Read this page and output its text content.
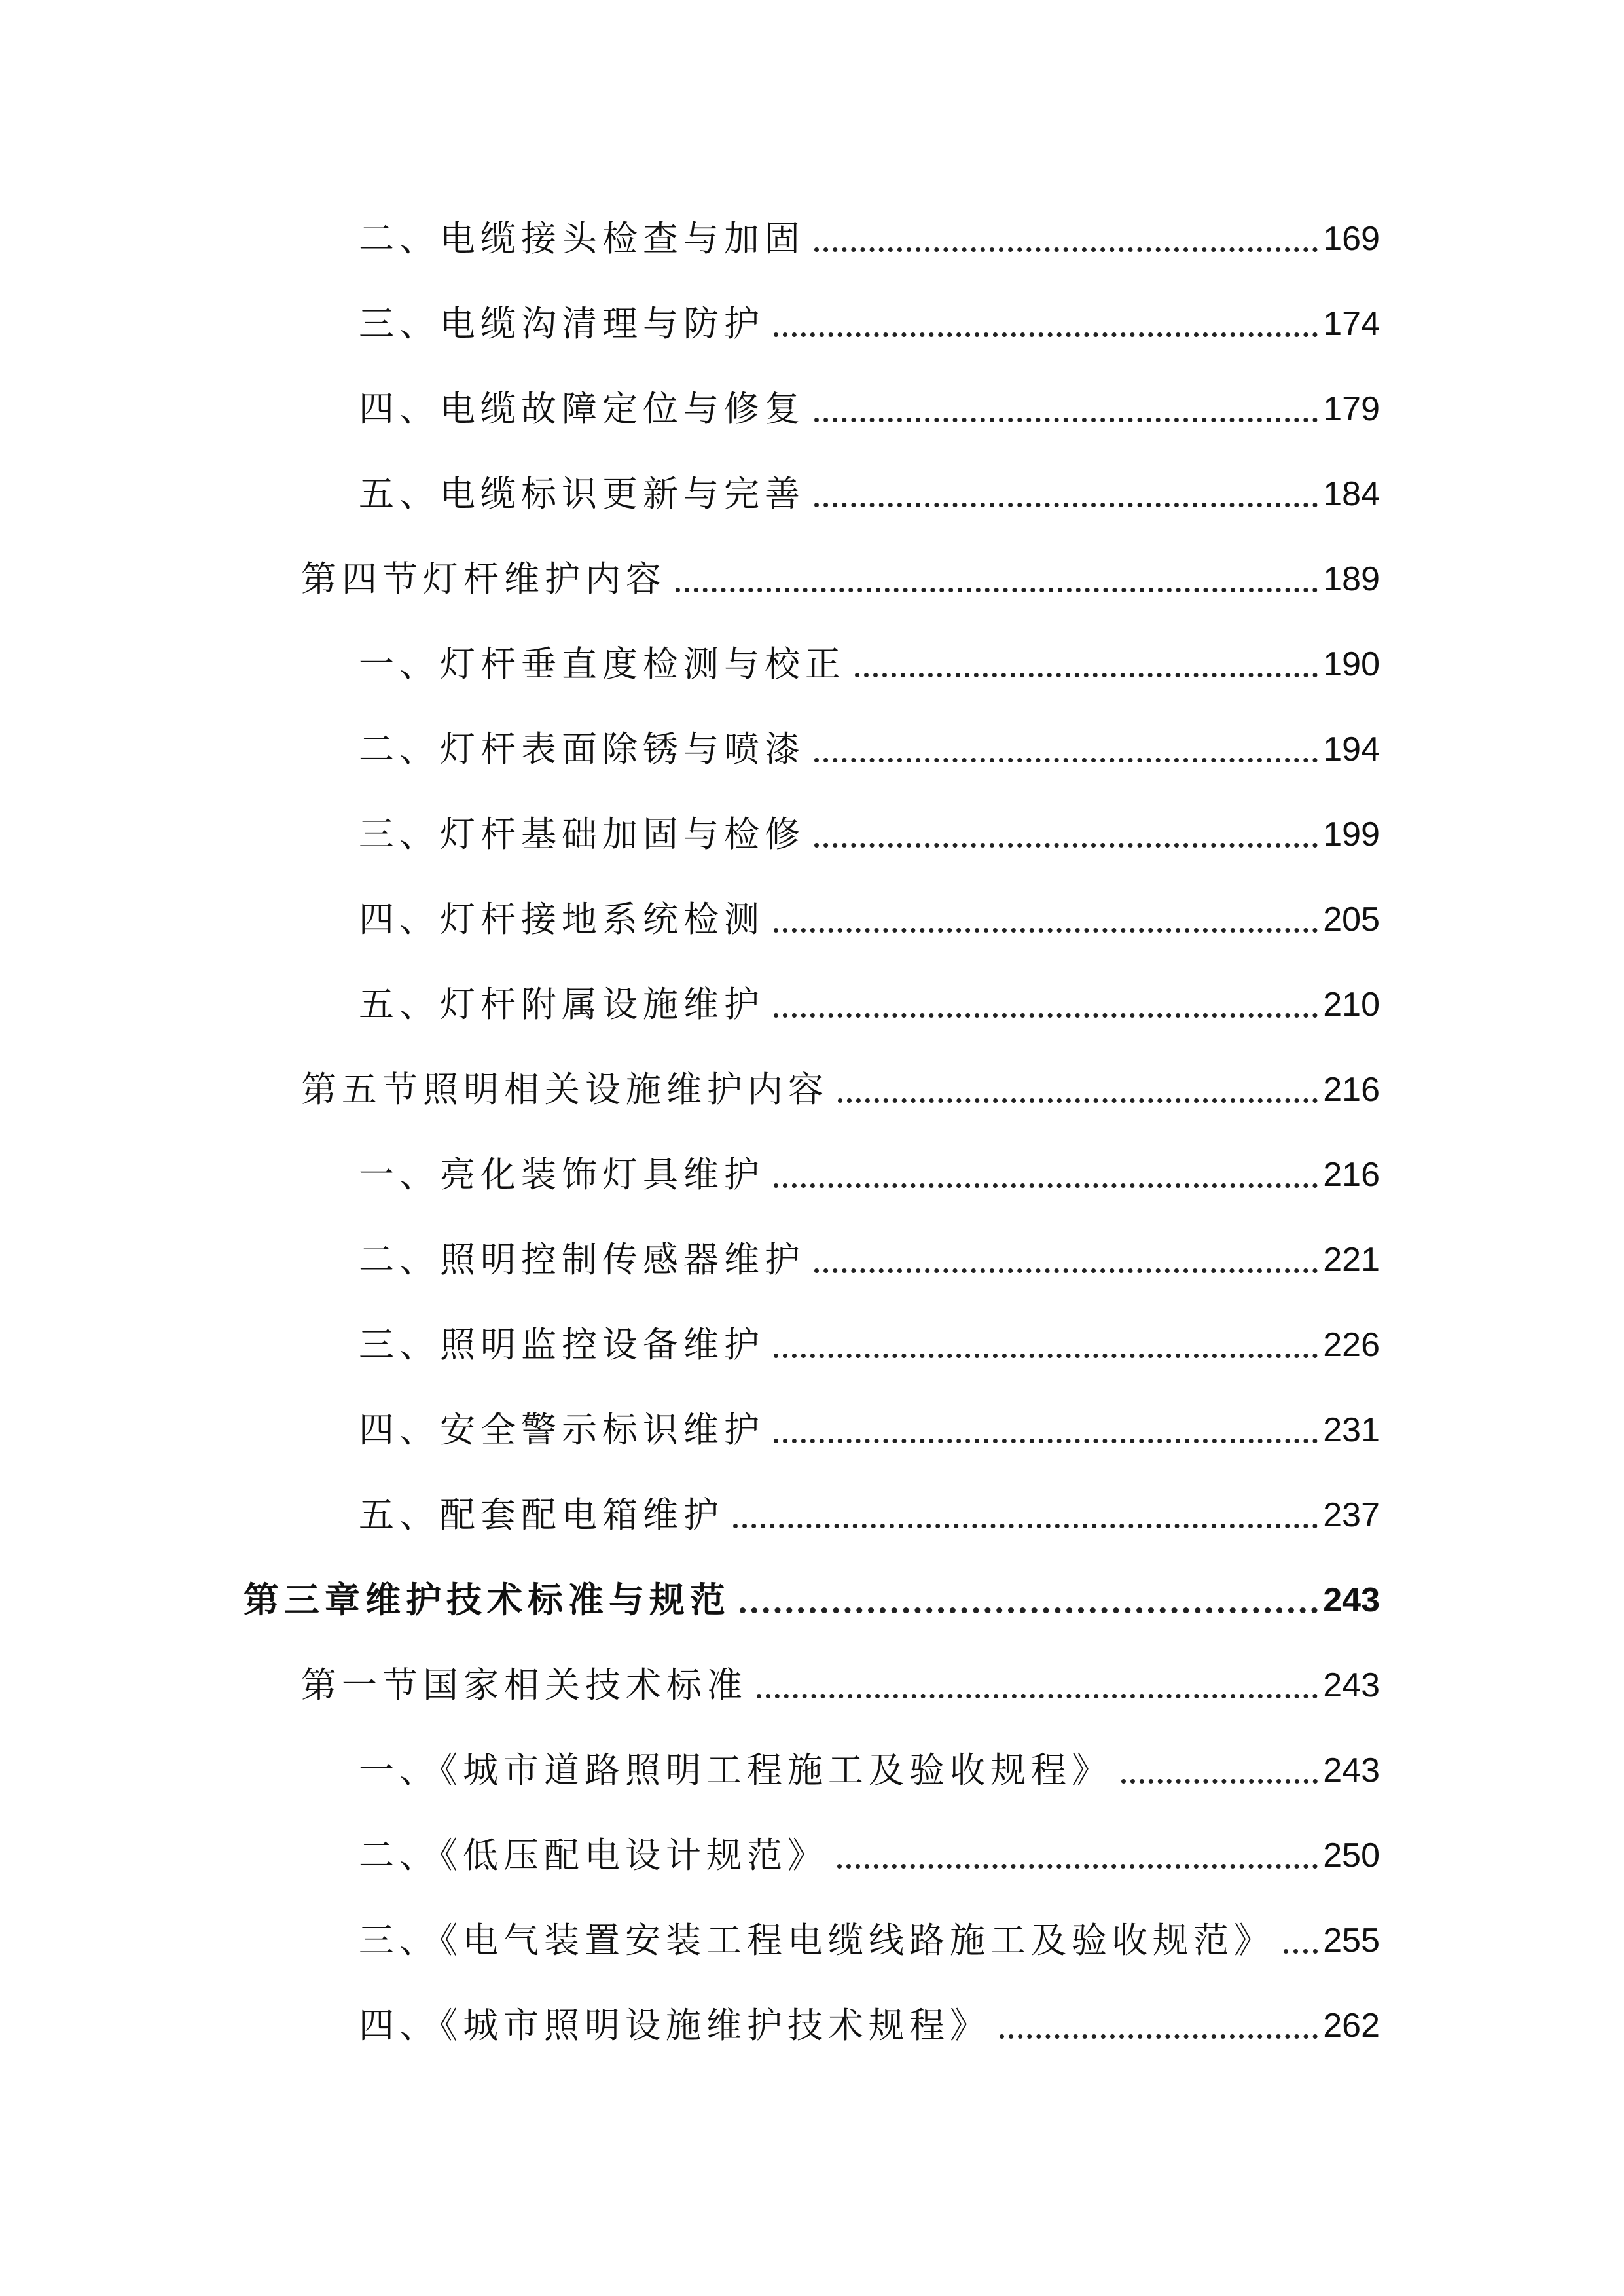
二、电缆接头检查与加固	169
三、电缆沟清理与防护	174
四、电缆故障定位与修复	179
五、电缆标识更新与完善	184
第四节灯杆维护内容	189
一、灯杆垂直度检测与校正	190
二、灯杆表面除锈与喷漆	194
三、灯杆基础加固与检修	199
四、灯杆接地系统检测	205
五、灯杆附属设施维护	210
第五节照明相关设施维护内容	216
一、亮化装饰灯具维护	216
二、照明控制传感器维护	221
三、照明监控设备维护	226
四、安全警示标识维护	231
五、配套配电箱维护	237
第三章维护技术标准与规范	243
第一节国家相关技术标准	243
一、《城市道路照明工程施工及验收规程》	243
二、《低压配电设计规范》	250
三、《电气装置安装工程电缆线路施工及验收规范》 255
四、《城市照明设施维护技术规程》	262
